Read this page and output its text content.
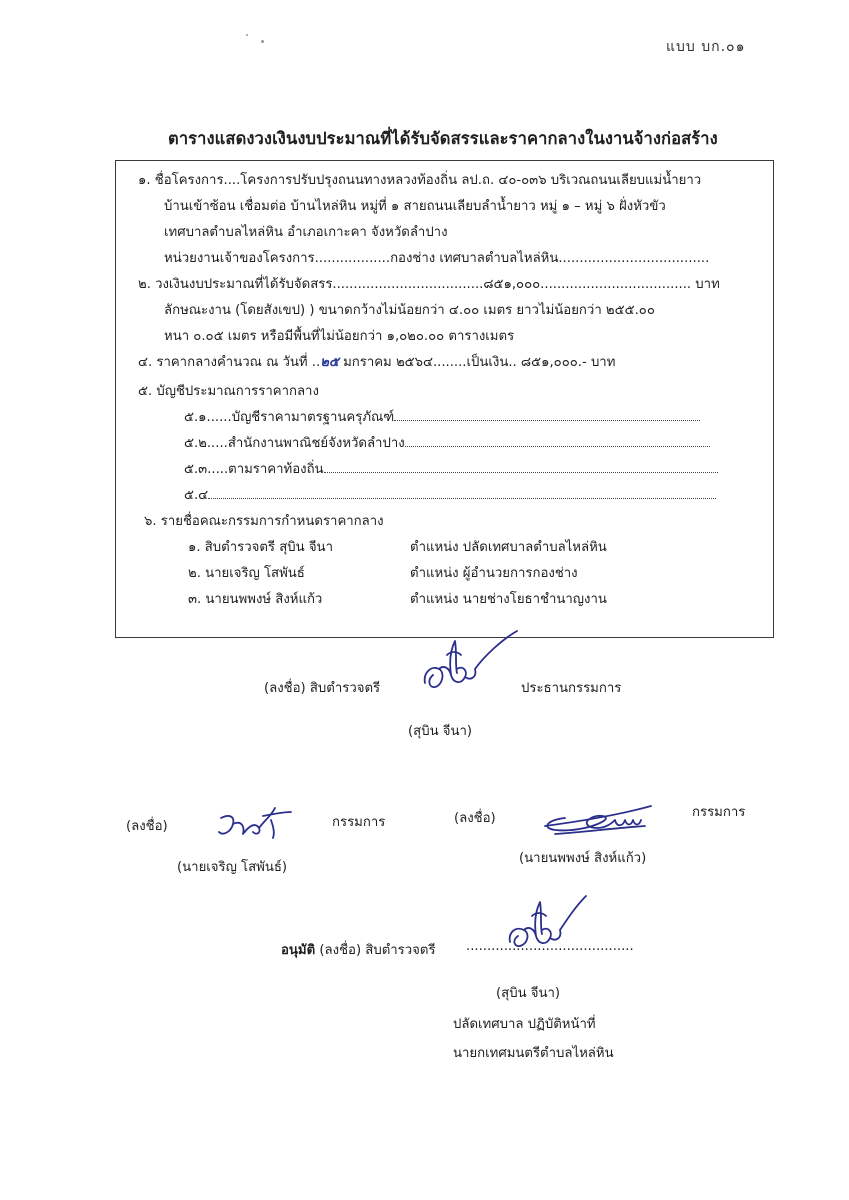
แบบ บก.๐๑
ตารางแสดงวงเงินงบประมาณที่ได้รับจัดสรรและราคากลางในงานจ้างก่อสร้าง
๑. ชื่อโครงการ....โครงการปรับปรุงถนนทางหลวงท้องถิ่น ลป.ถ. ๔๐-๐๓๖ บริเวณถนนเลียบแม่น้ำยาว
บ้านเข้าซ้อน เชื่อมต่อ บ้านไหล่หิน หมู่ที่ ๑ สายถนนเลียบลำน้ำยาว หมู่ ๑ – หมู่ ๖ ฝั่งหัวขัว
เทศบาลตำบลไหล่หิน อำเภอเกาะคา จังหวัดลำปาง
หน่วยงานเจ้าของโครงการ..................กองช่าง เทศบาลตำบลไหล่หิน....................................
๒. วงเงินงบประมาณที่ได้รับจัดสรร....................................๘๕๑,๐๐๐.................................... บาท
ลักษณะงาน (โดยสังเขป) ) ขนาดกว้างไม่น้อยกว่า ๔.๐๐ เมตร ยาวไม่น้อยกว่า ๒๕๕.๐๐
หนา ๐.๐๕ เมตร หรือมีพื้นที่ไม่น้อยกว่า ๑,๐๒๐.๐๐ ตารางเมตร
๔. ราคากลางคำนวณ ณ วันที่ ..๒๕ มกราคม ๒๕๖๔........เป็นเงิน.. ๘๕๑,๐๐๐.- บาท
๕. บัญชีประมาณการราคากลาง
๕.๑......บัญชีราคามาตรฐานครุภัณฑ์
๕.๒.....สำนักงานพาณิชย์จังหวัดลำปาง
๕.๓.....ตามราคาท้องถิ่น
๕.๔
๖. รายชื่อคณะกรรมการกำหนดราคากลาง
๑. สิบตำรวจตรี สุบิน จีนา	ตำแหน่ง ปลัดเทศบาลตำบลไหล่หิน
๒. นายเจริญ โสพันธ์	ตำแหน่ง ผู้อำนวยการกองช่าง
๓. นายนพพงษ์ สิงห์แก้ว	ตำแหน่ง นายช่างโยธาชำนาญงาน
(ลงชื่อ) สิบตำรวจตรี	ประธานกรรมการ
(สุบิน จีนา)
(ลงชื่อ)	กรรมการ
(นายเจริญ โสพันธ์)
(ลงชื่อ)	กรรมการ
(นายนพพงษ์ สิงห์แก้ว)
อนุมัติ (ลงชื่อ) สิบตำรวจตรี ........................................
(สุบิน จีนา)
ปลัดเทศบาล ปฏิบัติหน้าที่
นายกเทศมนตรีตำบลไหล่หิน
